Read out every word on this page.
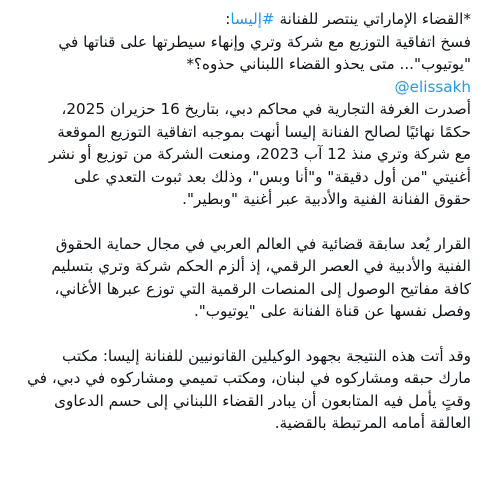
*القضاء الإماراتي ينتصر للفنانة #إليسا:
فسخ اتفاقية التوزيع مع شركة وتري وإنهاء سيطرتها على قناتها في
"يوتيوب"... متى يحذو القضاء اللبناني حذوه؟*
@elissakh
أصدرت الغرفة التجارية في محاكم دبي، بتاريخ 16 حزيران 2025،
حكمًا نهائيًا لصالح الفنانة إليسا أنهت بموجبه اتفاقية التوزيع الموقعة
مع شركة وتري منذ 12 آب 2023، ومنعت الشركة من توزيع أو نشر
أغنيتي "من أول دقيقة" و"أنا وبس"، وذلك بعد ثبوت التعدي على
حقوق الفنانة الفنية والأدبية عبر أغنية "وبطير".
القرار يُعد سابقة قضائية في العالم العربي في مجال حماية الحقوق
الفنية والأدبية في العصر الرقمي، إذ ألزم الحكم شركة وتري بتسليم
كافة مفاتيح الوصول إلى المنصات الرقمية التي توزع عبرها الأغاني،
وفصل نفسها عن قناة الفنانة على "يوتيوب".
وقد أتت هذه النتيجة بجهود الوكيلين القانونيين للفنانة إليسا: مكتب
مارك حبقه ومشاركوه في لبنان، ومكتب تميمي ومشاركوه في دبي، في
وقتٍ يأمل فيه المتابعون أن يبادر القضاء اللبناني إلى حسم الدعاوى
العالقة أمامه المرتبطة بالقضية.
